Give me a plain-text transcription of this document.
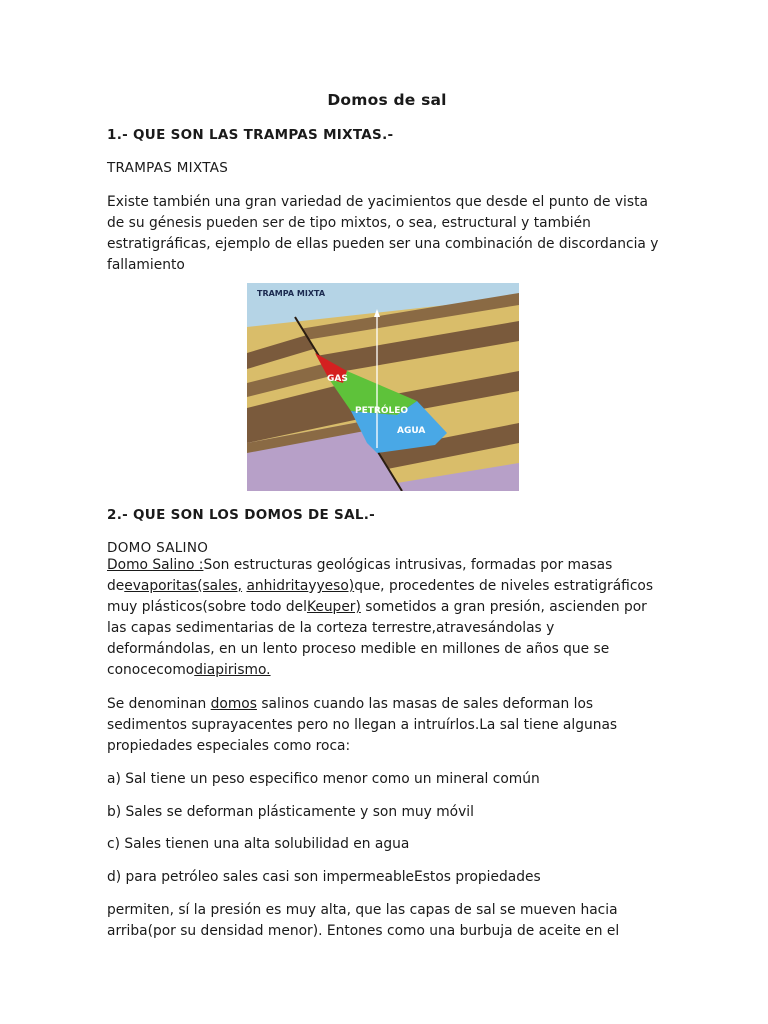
Domos de sal
1.- QUE SON LAS TRAMPAS MIXTAS.-
TRAMPAS MIXTAS
Existe también una gran variedad de yacimientos que desde el punto de vista
de su génesis pueden ser de tipo mixtos, o sea, estructural y también
estratigráficas, ejemplo de ellas pueden ser una combinación de discordancia y
fallamiento
TRAMPA MIXTA
GAS
PETRÓLEO
AGUA
2.- QUE SON LOS DOMOS DE SAL.-
DOMO SALINO
Domo Salino :Son estructuras geológicas intrusivas, formadas por masas
deevaporitas(sales, anhidritayyeso)que, procedentes de niveles estratigráficos
muy plásticos(sobre todo delKeuper) sometidos a gran presión, ascienden por
las capas sedimentarias de la corteza terrestre,atravesándolas y
deformándolas, en un lento proceso medible en millones de años que se
conocecomodiapirismo.
Se denominan domos salinos cuando las masas de sales deforman los
sedimentos suprayacentes pero no llegan a intruírlos.La sal tiene algunas
propiedades especiales como roca:
a) Sal tiene un peso especifico menor como un mineral común
b) Sales se deforman plásticamente y son muy móvil
c) Sales tienen una alta solubilidad en agua
d) para petróleo sales casi son impermeableEstos propiedades
permiten, sí la presión es muy alta, que las capas de sal se mueven hacia
arriba(por su densidad menor). Entones como una burbuja de aceite en el
